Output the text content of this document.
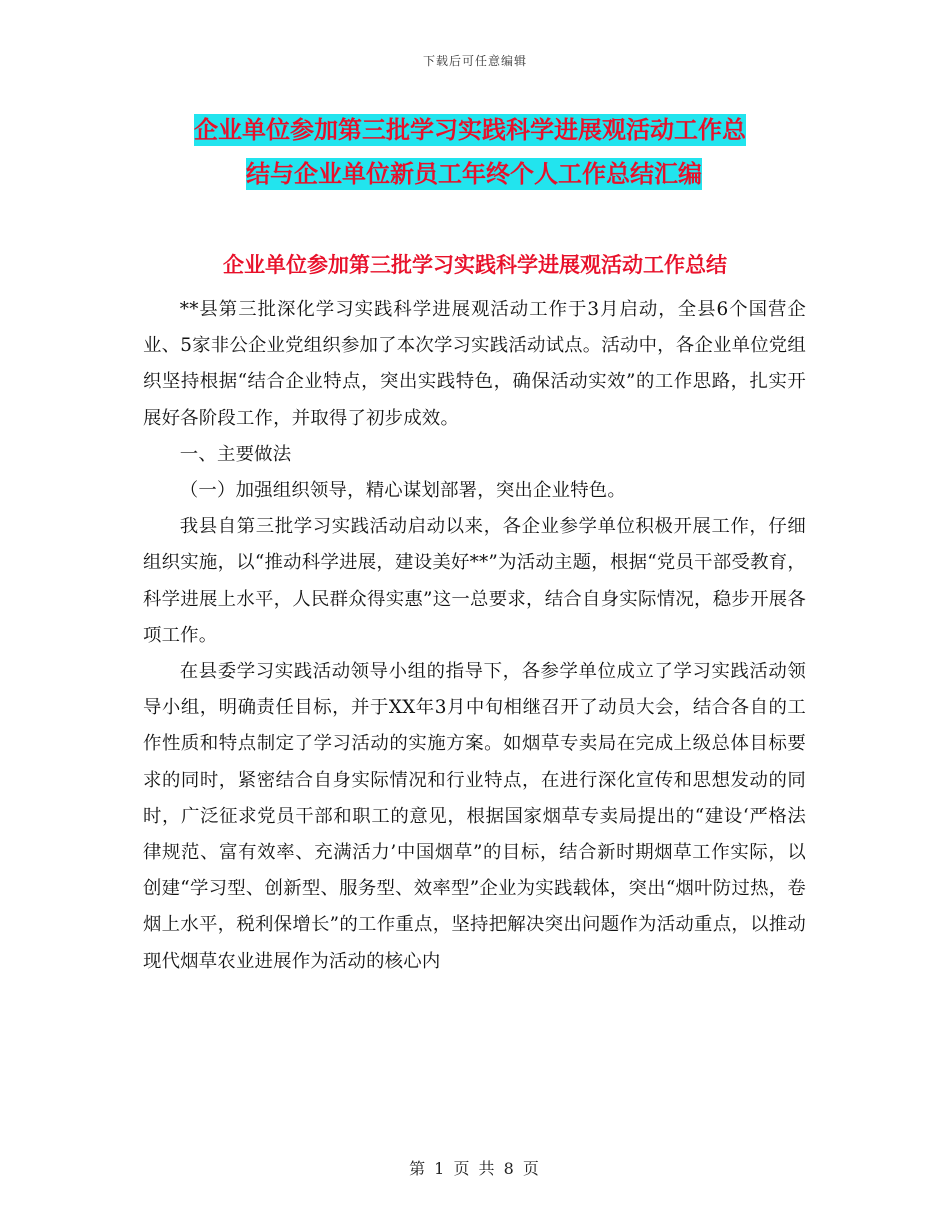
下载后可任意编辑
企业单位参加第三批学习实践科学进展观活动工作总
结与企业单位新员工年终个人工作总结汇编
企业单位参加第三批学习实践科学进展观活动工作总结

**县第三批深化学习实践科学进展观活动工作于3月启动，全县6个国营企业、5家非公企业党组织参加了本次学习实践活动试点。活动中，各企业单位党组织坚持根据“结合企业特点，突出实践特色，确保活动实效”的工作思路，扎实开展好各阶段工作，并取得了初步成效。

一、主要做法

（一）加强组织领导，精心谋划部署，突出企业特色。

我县自第三批学习实践活动启动以来，各企业参学单位积极开展工作，仔细组织实施，以“推动科学进展，建设美好**”为活动主题，根据“党员干部受教育，科学进展上水平，人民群众得实惠”这一总要求，结合自身实际情况，稳步开展各项工作。

在县委学习实践活动领导小组的指导下，各参学单位成立了学习实践活动领导小组，明确责任目标，并于XX年3月中旬相继召开了动员大会，结合各自的工作性质和特点制定了学习活动的实施方案。如烟草专卖局在完成上级总体目标要求的同时，紧密结合自身实际情况和行业特点，在进行深化宣传和思想发动的同时，广泛征求党员干部和职工的意见，根据国家烟草专卖局提出的“建设‘严格法律规范、富有效率、充满活力’中国烟草”的目标，结合新时期烟草工作实际，以创建“学习型、创新型、服务型、效率型”企业为实践载体，突出“烟叶防过热，卷烟上水平，税利保增长”的工作重点，坚持把解决突出问题作为活动重点，以推动现代烟草农业进展作为活动的核心内

第 1 页 共 8 页
